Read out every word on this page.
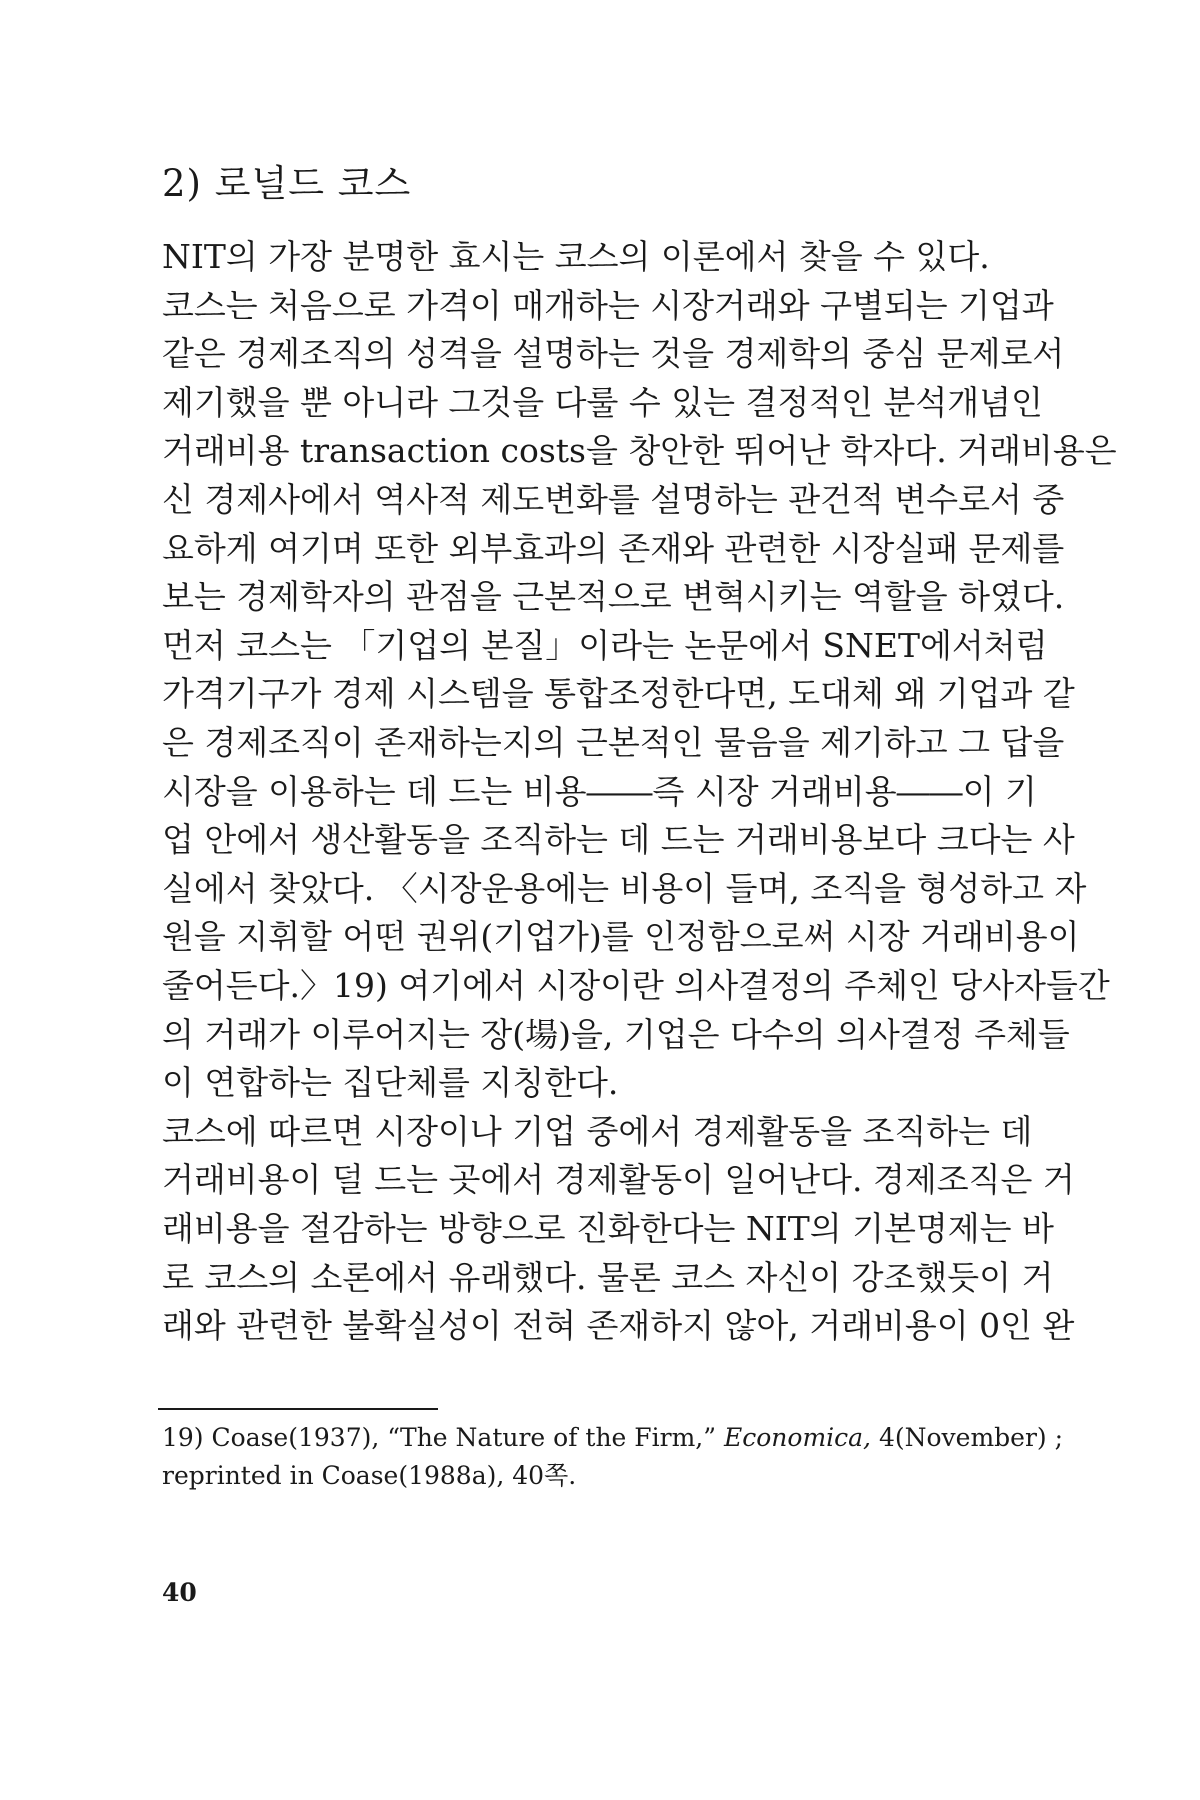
2) 로널드 코스
NIT의 가장 분명한 효시는 코스의 이론에서 찾을 수 있다.
코스는 처음으로 가격이 매개하는 시장거래와 구별되는 기업과
같은 경제조직의 성격을 설명하는 것을 경제학의 중심 문제로서
제기했을 뿐 아니라 그것을 다룰 수 있는 결정적인 분석개념인
거래비용 transaction costs을 창안한 뛰어난 학자다. 거래비용은
신 경제사에서 역사적 제도변화를 설명하는 관건적 변수로서 중
요하게 여기며 또한 외부효과의 존재와 관련한 시장실패 문제를
보는 경제학자의 관점을 근본적으로 변혁시키는 역할을 하였다.
먼저 코스는 「기업의 본질」이라는 논문에서 SNET에서처럼
가격기구가 경제 시스템을 통합조정한다면, 도대체 왜 기업과 같
은 경제조직이 존재하는지의 근본적인 물음을 제기하고 그 답을
시장을 이용하는 데 드는 비용――즉 시장 거래비용――이 기
업 안에서 생산활동을 조직하는 데 드는 거래비용보다 크다는 사
실에서 찾았다. 〈시장운용에는 비용이 들며, 조직을 형성하고 자
원을 지휘할 어떤 권위(기업가)를 인정함으로써 시장 거래비용이
줄어든다.〉19) 여기에서 시장이란 의사결정의 주체인 당사자들간
의 거래가 이루어지는 장(場)을, 기업은 다수의 의사결정 주체들
이 연합하는 집단체를 지칭한다.
코스에 따르면 시장이나 기업 중에서 경제활동을 조직하는 데
거래비용이 덜 드는 곳에서 경제활동이 일어난다. 경제조직은 거
래비용을 절감하는 방향으로 진화한다는 NIT의 기본명제는 바
로 코스의 소론에서 유래했다. 물론 코스 자신이 강조했듯이 거
래와 관련한 불확실성이 전혀 존재하지 않아, 거래비용이 0인 완
19) Coase(1937), “The Nature of the Firm,” Economica, 4(November) ;
reprinted in Coase(1988a), 40쪽.
40
